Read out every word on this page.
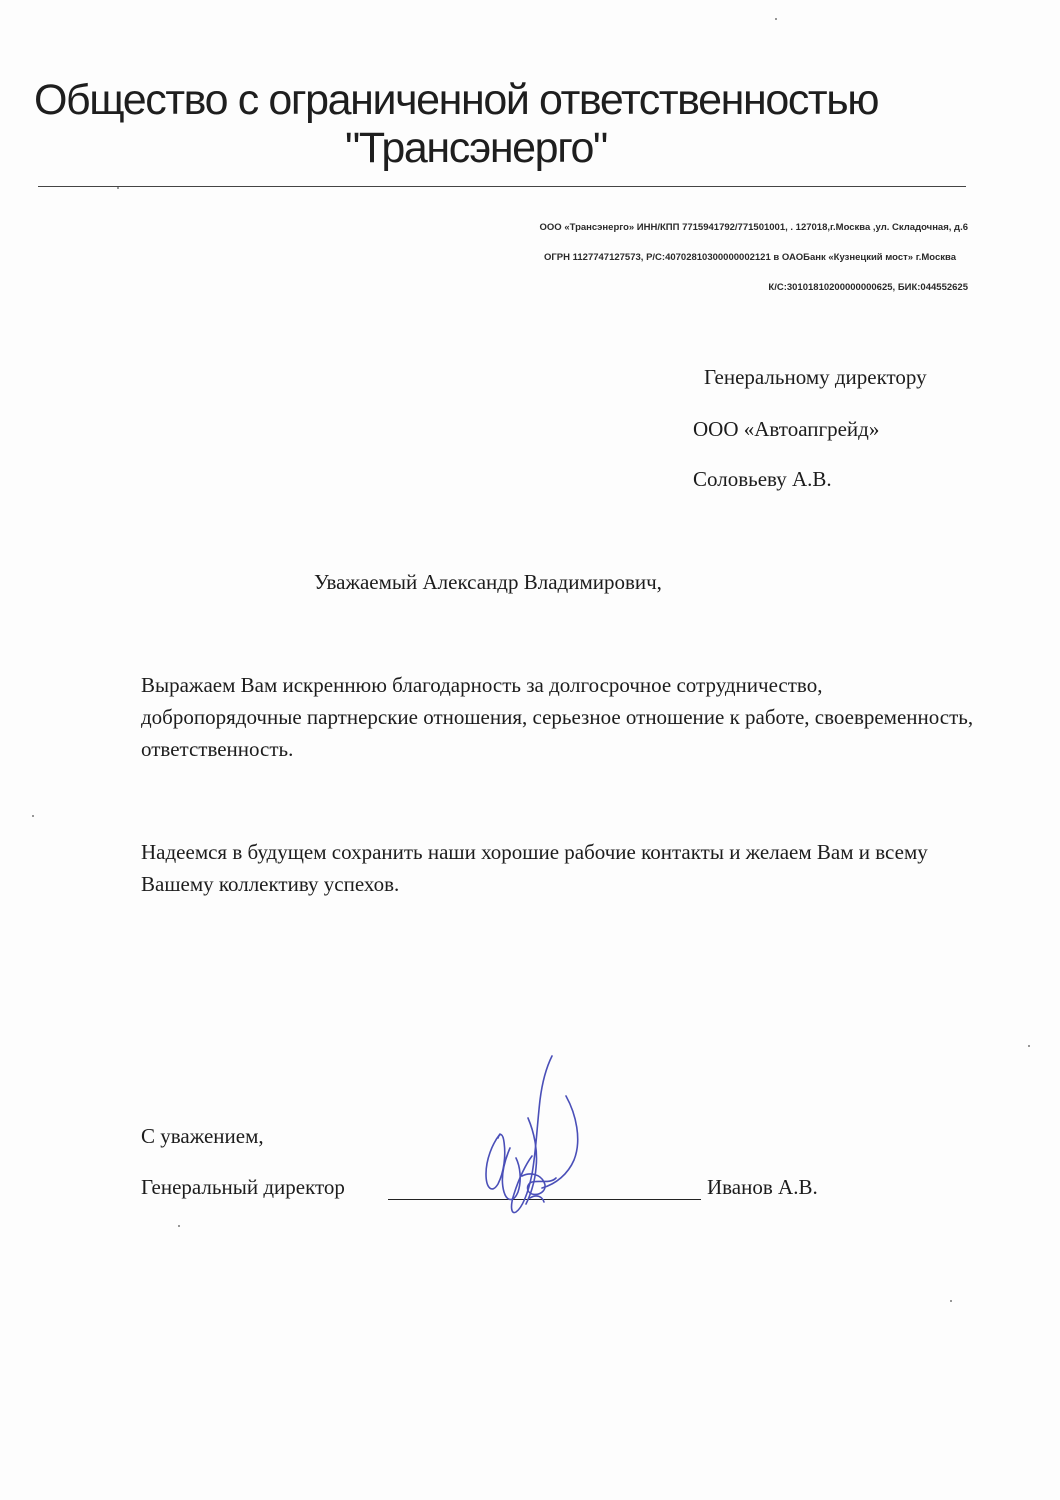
Общество с ограниченной ответственностью
"Трансэнерго"
ООО «Трансэнерго» ИНН/КПП 7715941792/771501001, . 127018,г.Москва ,ул. Складочная, д.6
ОГРН 1127747127573, Р/С:40702810300000002121 в ОАОБанк «Кузнецкий мост» г.Москва
К/С:30101810200000000625, БИК:044552625
Генеральному директору
ООО «Автоапгрейд»
Соловьеву А.В.
Уважаемый Александр Владимирович,

Выражаем Вам искреннюю благодарность за долгосрочное сотрудничество, добропорядочные партнерские отношения, серьезное отношение к работе, своевременность, ответственность.

Надеемся в будущем сохранить наши хорошие рабочие контакты и желаем Вам и всему Вашему коллективу успехов.

С уважением,
Генеральный директор	Иванов А.В.
